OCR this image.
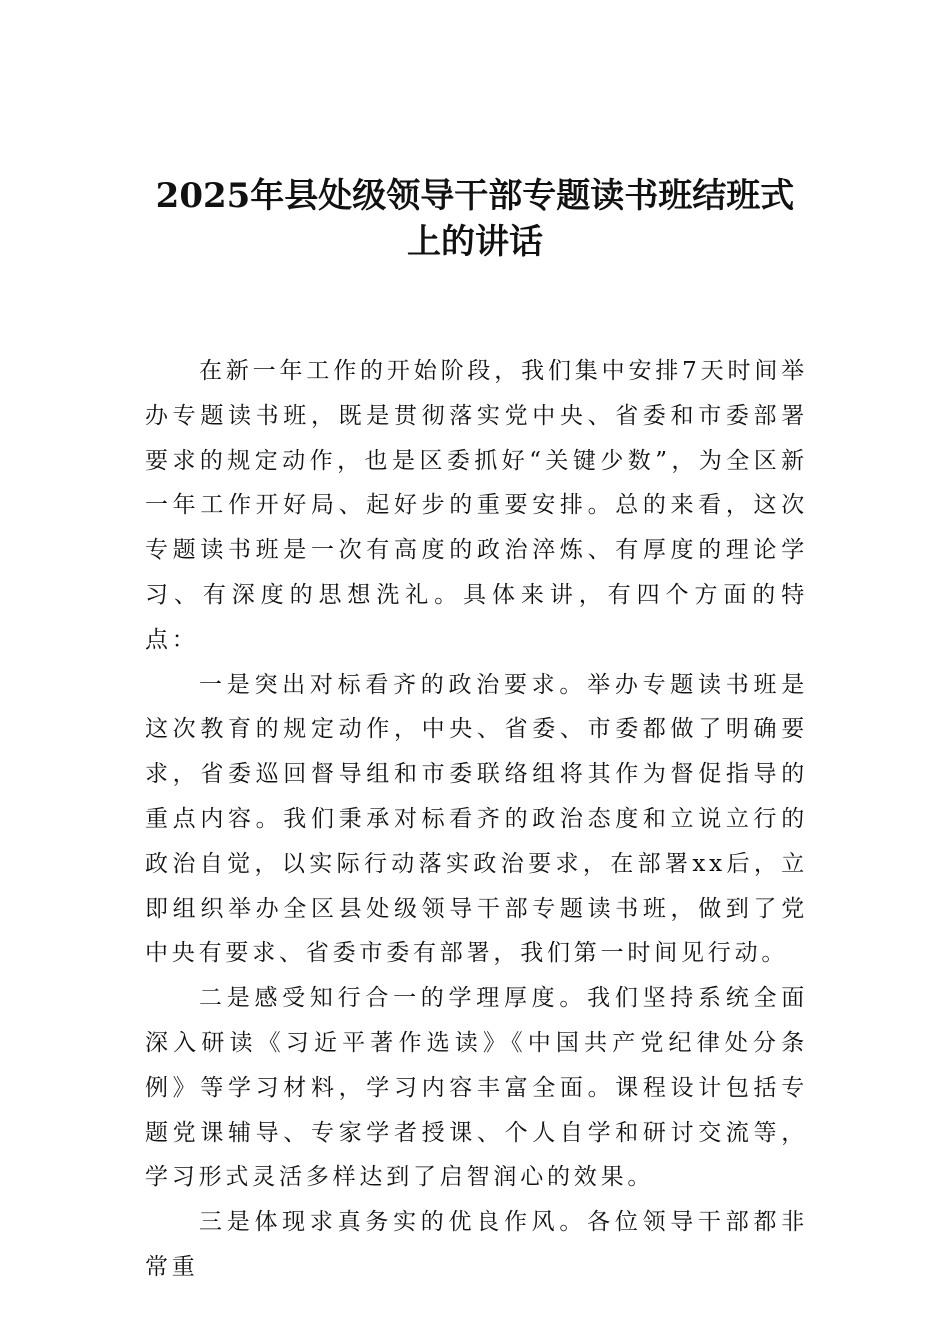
2025年县处级领导干部专题读书班结班式
上的讲话

在新一年工作的开始阶段，我们集中安排7天时间举办专题读书班，既是贯彻落实党中央、省委和市委部署要求的规定动作，也是区委抓好“关键少数”，为全区新一年工作开好局、起好步的重要安排。总的来看，这次专题读书班是一次有高度的政治淬炼、有厚度的理论学习、有深度的思想洗礼。具体来讲，有四个方面的特点：

一是突出对标看齐的政治要求。举办专题读书班是这次教育的规定动作，中央、省委、市委都做了明确要求，省委巡回督导组和市委联络组将其作为督促指导的重点内容。我们秉承对标看齐的政治态度和立说立行的政治自觉，以实际行动落实政治要求，在部署xx后，立即组织举办全区县处级领导干部专题读书班，做到了党中央有要求、省委市委有部署，我们第一时间见行动。

二是感受知行合一的学理厚度。我们坚持系统全面深入研读《习近平著作选读》《中国共产党纪律处分条例》等学习材料，学习内容丰富全面。课程设计包括专题党课辅导、专家学者授课、个人自学和研讨交流等，学习形式灵活多样达到了启智润心的效果。

三是体现求真务实的优良作风。各位领导干部都非常重
